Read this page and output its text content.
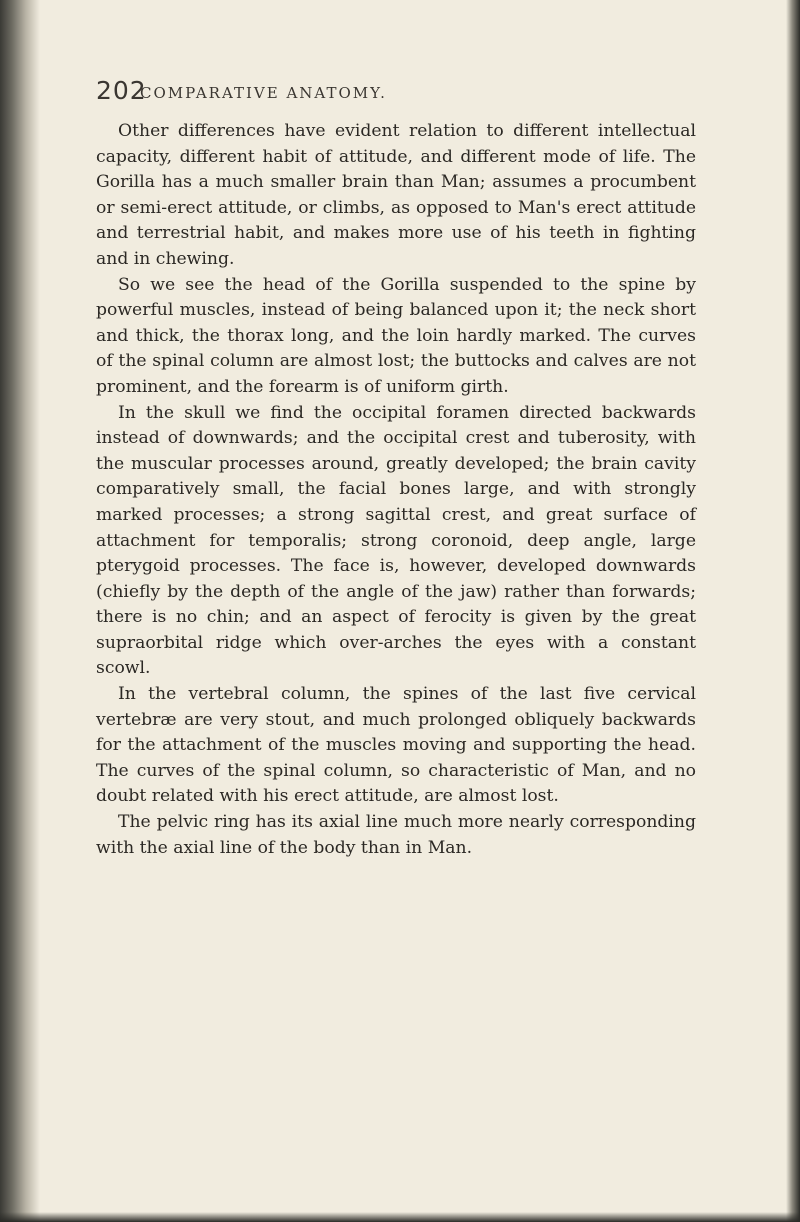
202
COMPARATIVE ANATOMY.

Other differences have evident relation to different intellectual capacity, different habit of attitude, and different mode of life. The Gorilla has a much smaller brain than Man; assumes a procumbent or semi-erect attitude, or climbs, as opposed to Man's erect attitude and terrestrial habit, and makes more use of his teeth in fighting and in chewing.

So we see the head of the Gorilla suspended to the spine by powerful muscles, instead of being balanced upon it; the neck short and thick, the thorax long, and the loin hardly marked. The curves of the spinal column are almost lost; the buttocks and calves are not prominent, and the forearm is of uniform girth.

In the skull we find the occipital foramen directed backwards instead of downwards; and the occipital crest and tuberosity, with the muscular processes around, greatly developed; the brain cavity comparatively small, the facial bones large, and with strongly marked processes; a strong sagittal crest, and great surface of attachment for temporalis; strong coronoid, deep angle, large pterygoid processes. The face is, however, developed downwards (chiefly by the depth of the angle of the jaw) rather than forwards; there is no chin; and an aspect of ferocity is given by the great supraorbital ridge which over-arches the eyes with a constant scowl.

In the vertebral column, the spines of the last five cervical vertebræ are very stout, and much prolonged obliquely backwards for the attachment of the muscles moving and supporting the head. The curves of the spinal column, so characteristic of Man, and no doubt related with his erect attitude, are almost lost.

The pelvic ring has its axial line much more nearly corresponding with the axial line of the body than in Man.
